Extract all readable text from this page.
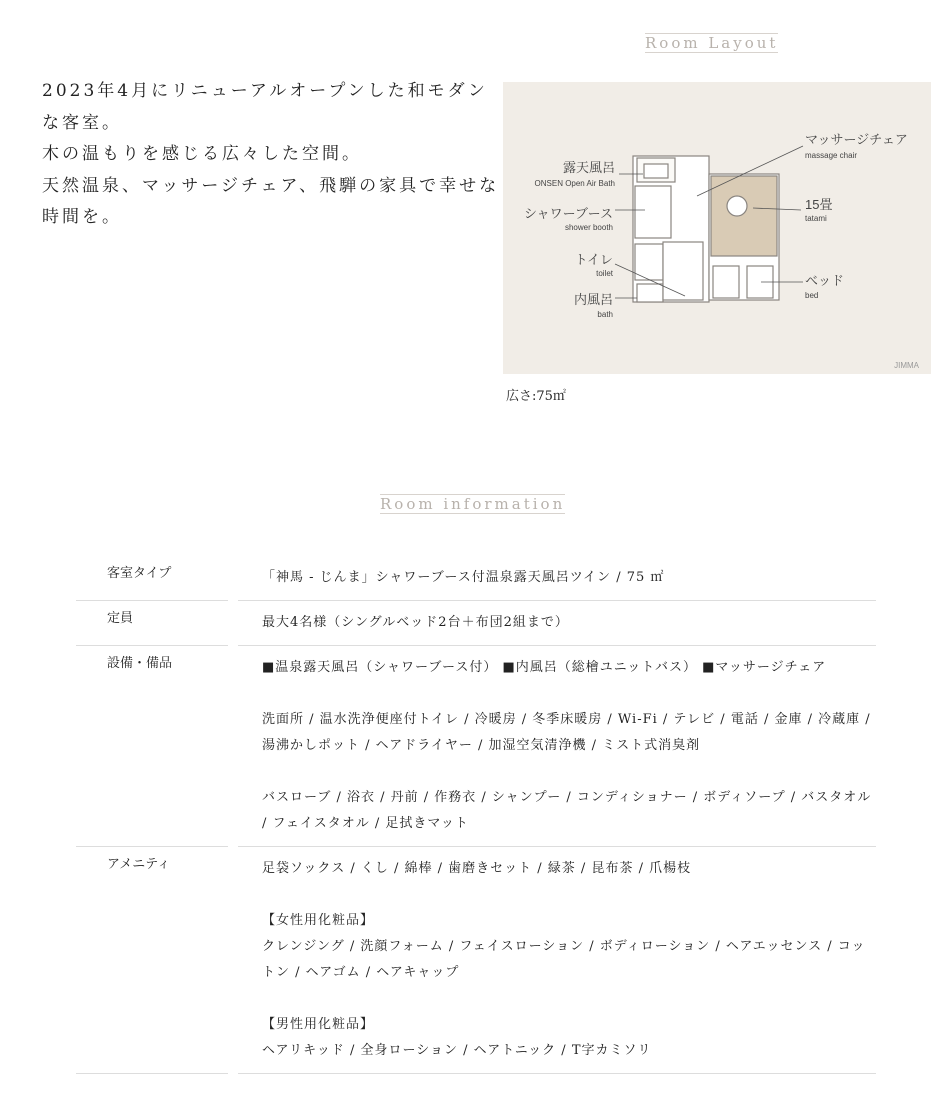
Room Layout

2023年4月にリニューアルオープンした和モダンな客室。

木の温もりを感じる広々した空間。

天然温泉、マッサージチェア、飛騨の家具で幸せな時間を。

露天風呂
ONSEN Open Air Bath
シャワーブース
shower booth
トイレ
toilet
内風呂
bath
マッサージチェア
massage chair
15畳
tatami
ベッド
bed
JIMMA
広さ:75㎡
Room information
客室タイプ	「神馬 - じんま」シャワーブース付温泉露天風呂ツイン / 75 ㎡

定員	最大4名様（シングルベッド2台＋布団2組まで）

設備・備品	■温泉露天風呂（シャワーブース付） ■内風呂（総檜ユニットバス） ■マッサージチェア

洗面所 / 温水洗浄便座付トイレ / 冷暖房 / 冬季床暖房 / Wi-Fi / テレビ / 電話 / 金庫 / 冷蔵庫 / 湯沸かしポット / ヘアドライヤー / 加湿空気清浄機 / ミスト式消臭剤

バスローブ / 浴衣 / 丹前 / 作務衣 / シャンプー / コンディショナー / ボディソープ / バスタオル / フェイスタオル / 足拭きマット

アメニティ	足袋ソックス / くし / 綿棒 / 歯磨きセット / 緑茶 / 昆布茶 / 爪楊枝

【女性用化粧品】

クレンジング / 洗顔フォーム / フェイスローション / ボディローション / ヘアエッセンス / コットン / ヘアゴム / ヘアキャップ

【男性用化粧品】

ヘアリキッド / 全身ローション / ヘアトニック / T字カミソリ
